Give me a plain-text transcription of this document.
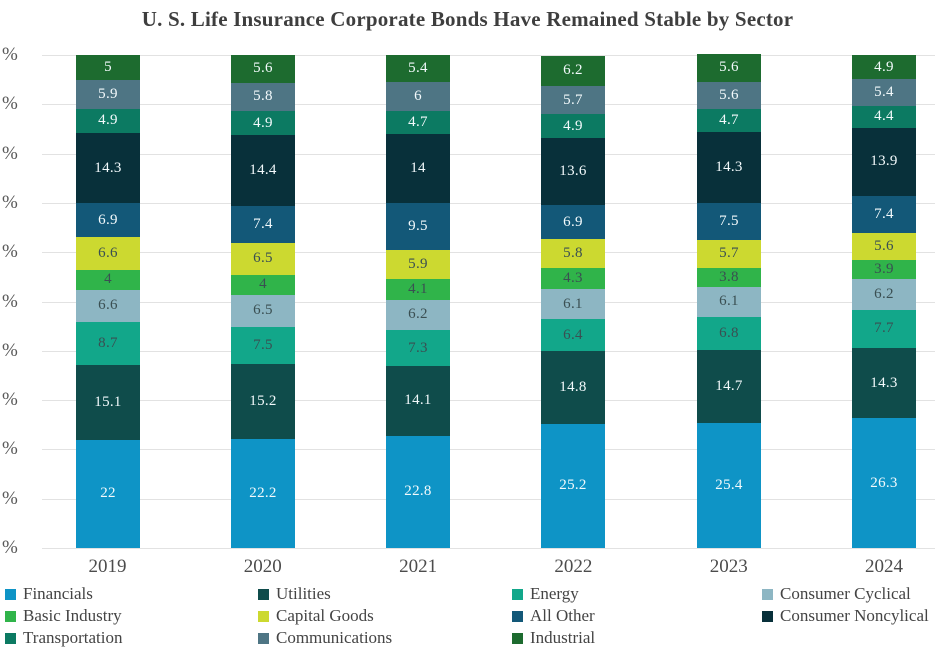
U. S. Life Insurance Corporate Bonds Have Remained Stable by Sector
22
15.1
8.7
6.6
4
6.6
6.9
14.3
4.9
5.9
5
22.2
15.2
7.5
6.5
4
6.5
7.4
14.4
4.9
5.8
5.6
22.8
14.1
7.3
6.2
4.1
5.9
9.5
14
4.7
6
5.4
25.2
14.8
6.4
6.1
4.3
5.8
6.9
13.6
4.9
5.7
6.2
25.4
14.7
6.8
6.1
3.8
5.7
7.5
14.3
4.7
5.6
5.6
26.3
14.3
7.7
6.2
3.9
5.6
7.4
13.9
4.4
5.4
4.9
2019	2020	2021	2022	2023	2024
Financials
Basic Industry
Transportation
Utilities
Capital Goods
Communications
Energy
All Other
Industrial
Consumer Cyclical
Consumer Noncylical
%
%
%
%
%
%
%
%
%
%
%
